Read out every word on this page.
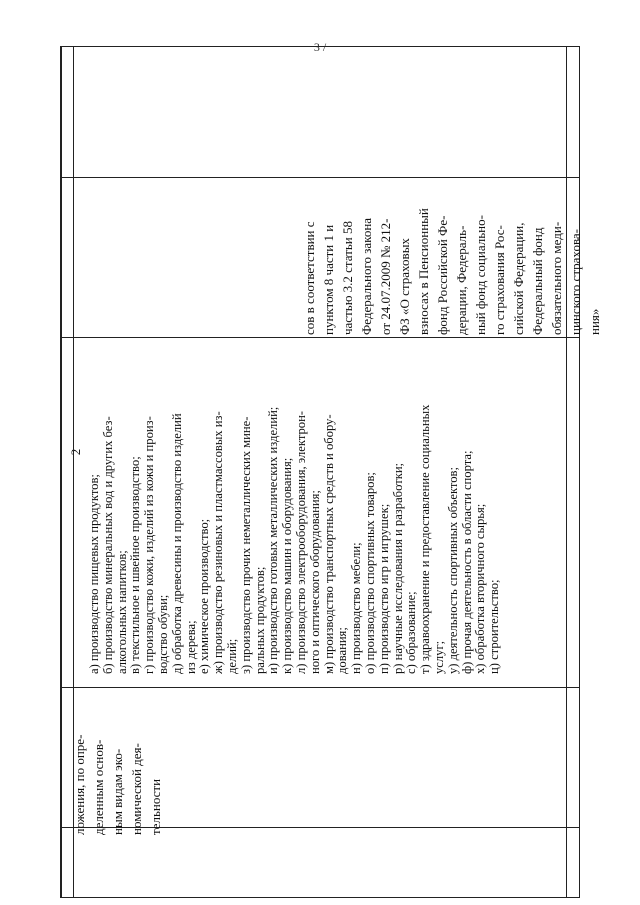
3 /
2
ложения, по опре- деленным основ- ным видам эко- номической дея- тельности
а) производство пищевых продуктов; б) производство минеральных вод и других без- алкогольных напитков; в) текстильное и швейное производство; г) производство кожи, изделий из кожи и произ- водство обуви; д) обработка древесины и производство изделий из дерева; е) химическое производство; ж) производство резиновых и пластмассовых из- делий; з) производство прочих неметаллических мине- ральных продуктов; и) производство готовых металлических изделий; к) производство машин и оборудования; л) производство электрооборудования, электрон- ного и оптического оборудования; м) производство транспортных средств и обору- дования; н) производство мебели; о) производство спортивных товаров; п) производство игр и игрушек; р) научные исследования и разработки; с) образование; т) здравоохранение и предоставление социальных услуг; у) деятельность спортивных объектов; ф) прочая деятельность в области спорта; х) обработка вторичного сырья; ц) строительство;
сов в соответствии с пунктом 8 части 1 и частью 3.2 статьи 58 Федерального закона от 24.07.2009 № 212- ФЗ «О страховых взносах в Пенсионный фонд Российской Фе- дерации, Федераль- ный фонд социально- го страхования Рос- сийской Федерации, Федеральный фонд обязательного меди- цинского страхова- ния»
